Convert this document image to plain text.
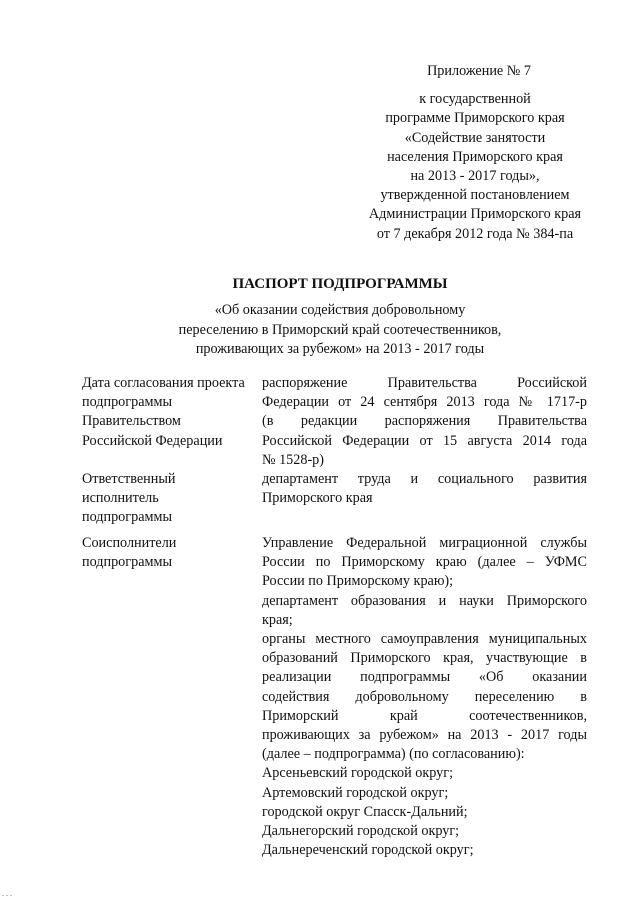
Приложение № 7
к государственной
программе Приморского края
«Содействие занятости
населения Приморского края
на 2013 - 2017 годы»,
утвержденной постановлением
Администрации Приморского края
от 7 декабря 2012 года № 384-па
ПАСПОРТ ПОДПРОГРАММЫ
«Об оказании содействия добровольному
переселению в Приморский край соотечественников,
проживающих за рубежом» на 2013 - 2017 годы
Дата согласования проекта
подпрограммы
Правительством
Российской Федерации
распоряжение Правительства Российской
Федерации от 24 сентября 2013 года № 1717-р
(в редакции распоряжения Правительства
Российской Федерации от 15 августа 2014 года
№ 1528-р)
Ответственный
исполнитель
подпрограммы
департамент труда и социального развития
Приморского края
Соисполнители
подпрограммы
Управление Федеральной миграционной службы
России по Приморскому краю (далее – УФМС
России по Приморскому краю);
департамент образования и науки Приморского
края;
органы местного самоуправления муниципальных
образований Приморского края, участвующие в
реализации подпрограммы «Об оказании
содействия добровольному переселению в
Приморский край соотечественников,
проживающих за рубежом» на 2013 - 2017 годы
(далее – подпрограмма) (по согласованию):
Арсеньевский городской округ;
Артемовский городской округ;
городской округ Спасск-Дальний;
Дальнегорский городской округ;
Дальнереченский городской округ;
...
